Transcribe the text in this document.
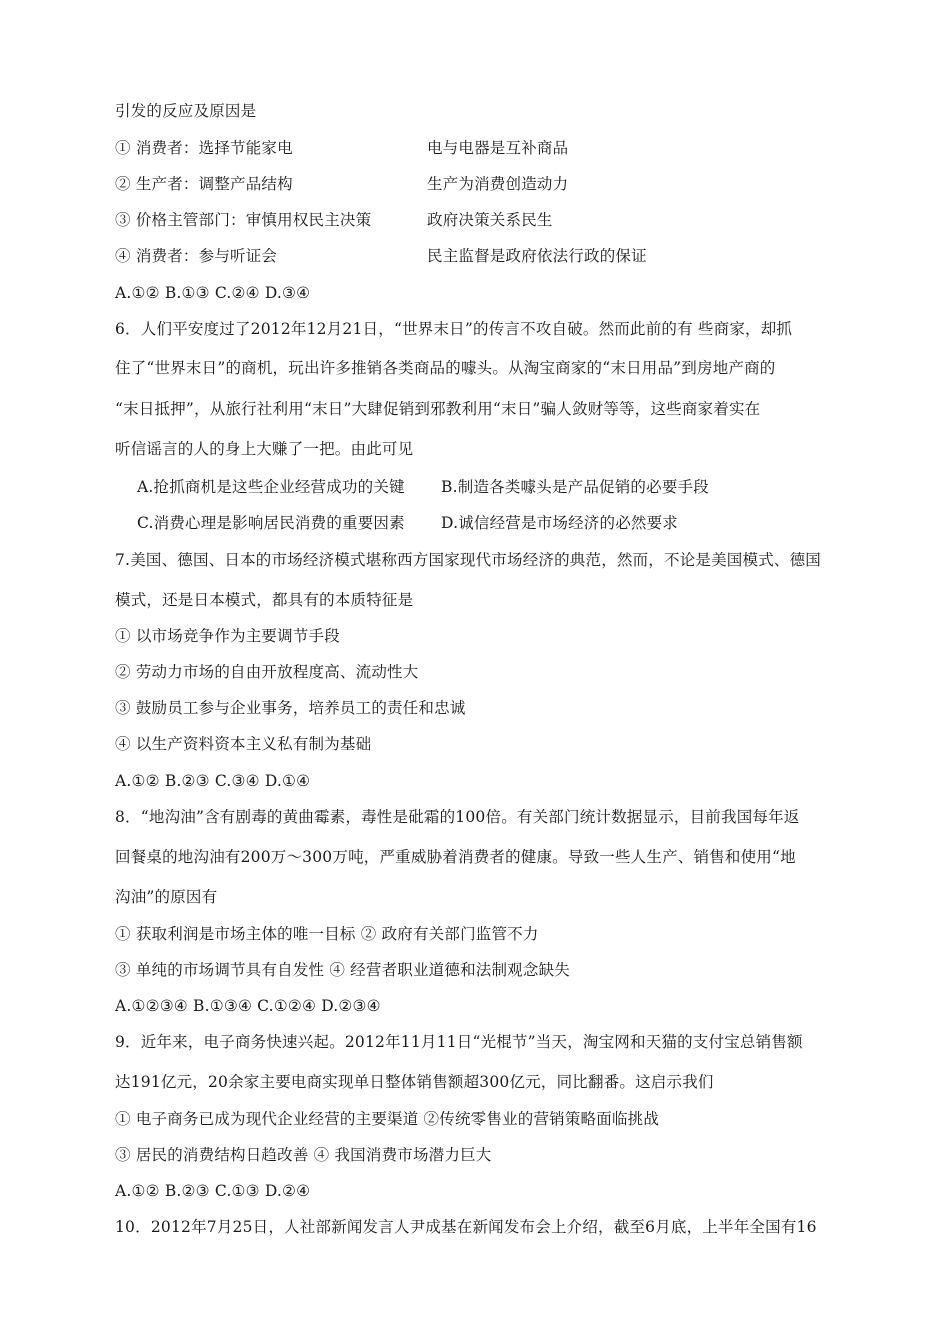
引发的反应及原因是
① 消费者：选择节能家电	电与电器是互补商品
② 生产者：调整产品结构	生产为消费创造动力
③ 价格主管部门：审慎用权民主决策	政府决策关系民生
④ 消费者：参与听证会	民主监督是政府依法行政的保证
A.①② B.①③ C.②④ D.③④
6．人们平安度过了2012年12月21日，“世界末日”的传言不攻自破。然而此前的有 些商家，却抓
住了“世界末日”的商机，玩出许多推销各类商品的噱头。从淘宝商家的“末日用品”到房地产商的
“末日抵押”，从旅行社利用“末日”大肆促销到邪教利用“末日”骗人敛财等等，这些商家着实在
听信谣言的人的身上大赚了一把。由此可见
A.抢抓商机是这些企业经营成功的关键 B.制造各类噱头是产品促销的必要手段
C.消费心理是影响居民消费的重要因素 D.诚信经营是市场经济的必然要求
7.美国、德国、日本的市场经济模式堪称西方国家现代市场经济的典范，然而，不论是美国模式、德国
模式，还是日本模式，都具有的本质特征是
① 以市场竞争作为主要调节手段
② 劳动力市场的自由开放程度高、流动性大
③ 鼓励员工参与企业事务，培养员工的责任和忠诚
④ 以生产资料资本主义私有制为基础
A.①② B.②③ C.③④ D.①④
8．“地沟油”含有剧毒的黄曲霉素，毒性是砒霜的100倍。有关部门统计数据显示，目前我国每年返
回餐桌的地沟油有200万～300万吨，严重威胁着消费者的健康。导致一些人生产、销售和使用“地
沟油”的原因有
① 获取利润是市场主体的唯一目标 ② 政府有关部门监管不力
③ 单纯的市场调节具有自发性 ④ 经营者职业道德和法制观念缺失
A.①②③④ B.①③④ C.①②④ D.②③④
9．近年来，电子商务快速兴起。2012年11月11日“光棍节”当天，淘宝网和天猫的支付宝总销售额
达191亿元，20余家主要电商实现单日整体销售额超300亿元，同比翻番。这启示我们
① 电子商务已成为现代企业经营的主要渠道 ②传统零售业的营销策略面临挑战
③ 居民的消费结构日趋改善 ④ 我国消费市场潜力巨大
A.①② B.②③ C.①③ D.②④
10．2012年7月25日，人社部新闻发言人尹成基在新闻发布会上介绍，截至6月底，上半年全国有16
